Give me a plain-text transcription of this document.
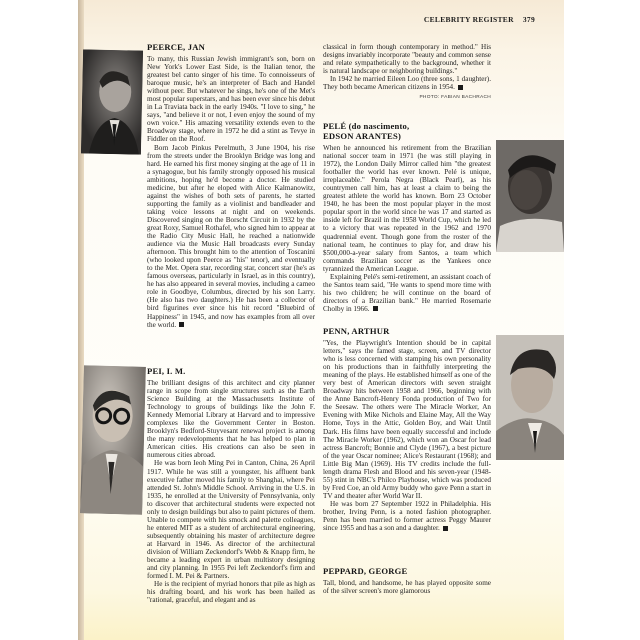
CELEBRITY REGISTER 379
PEERCE, JAN

To many, this Russian Jewish immigrant's son, born on New York's Lower East Side, is the Italian tenor, the greatest bel canto singer of his time. To connoisseurs of baroque music, he's an interpreter of Bach and Handel without peer. But whatever he sings, he's one of the Met's most popular superstars, and has been ever since his debut in La Traviata back in the early 1940s. "I love to sing," he says, "and believe it or not, I even enjoy the sound of my own voice." His amazing versatility extends even to the Broadway stage, where in 1972 he did a stint as Tevye in Fiddler on the Roof.

Born Jacob Pinkus Perelmuth, 3 June 1904, his rise from the streets under the Brooklyn Bridge was long and hard. He earned his first money singing at the age of 11 in a synagogue, but his family strongly opposed his musical ambitions, hoping he'd become a doctor. He studied medicine, but after he eloped with Alice Kalmanowitz, against the wishes of both sets of parents, he started supporting the family as a violinist and bandleader and taking voice lessons at night and on weekends. Discovered singing on the Borscht Circuit in 1932 by the great Roxy, Samuel Rothafel, who signed him to appear at the Radio City Music Hall, he reached a nationwide audience via the Music Hall broadcasts every Sunday afternoon. This brought him to the attention of Toscanini (who looked upon Peerce as "his" tenor), and eventually to the Met. Opera star, recording star, concert star (he's as famous overseas, particularly in Israel, as in this country), he has also appeared in several movies, including a cameo role in Goodbye, Columbus, directed by his son Larry. (He also has two daughters.) He has been a collector of bird figurines ever since his hit record "Bluebird of Happiness" in 1945, and now has examples from all over the world.

PEI, I. M.

The brilliant designs of this architect and city planner range in scope from single structures such as the Earth Science Building at the Massachusetts Institute of Technology to groups of buildings like the John F. Kennedy Memorial Library at Harvard and to impressive complexes like the Government Center in Boston. Brooklyn's Bedford-Stuyvesant renewal project is among the many redevelopments that he has helped to plan in American cities. His creations can also be seen in numerous cities abroad.

He was born Ieoh Ming Pei in Canton, China, 26 April 1917. While he was still a youngster, his affluent bank executive father moved his family to Shanghai, where Pei attended St. John's Middle School. Arriving in the U.S. in 1935, he enrolled at the University of Pennsylvania, only to discover that architectural students were expected not only to design buildings but also to paint pictures of them. Unable to compete with his smock and palette colleagues, he entered MIT as a student of architectural engineering, subsequently obtaining his master of architecture degree at Harvard in 1946. As director of the architectural division of William Zeckendorf's Webb & Knapp firm, he became a leading expert in urban multistory designing and city planning. In 1955 Pei left Zeckendorf's firm and formed I. M. Pei & Partners.

He is the recipient of myriad honors that pile as high as his drafting board, and his work has been hailed as "rational, graceful, and elegant and as

classical in form though contemporary in method." His designs invariably incorporate "beauty and common sense and relate sympathetically to the background, whether it is natural landscape or neighboring buildings."

In 1942 he married Eileen Loo (three sons, 1 daughter). They both became American citizens in 1954.

PHOTO: FABIAN BACHRACH
PELÉ (do nascimento,
EDSON ARANTES)

When he announced his retirement from the Brazilian national soccer team in 1971 (he was still playing in 1972), the London Daily Mirror called him "the greatest footballer the world has ever known. Pelé is unique, irreplaceable." Perola Negra (Black Pearl), as his countrymen call him, has at least a claim to being the greatest athlete the world has known. Born 23 October 1940, he has been the most popular player in the most popular sport in the world since he was 17 and started as inside left for Brazil in the 1958 World Cup, which he led to a victory that was repeated in the 1962 and 1970 quadrennial event. Though gone from the roster of the national team, he continues to play for, and draw his $500,000-a-year salary from Santos, a team which commands Brazilian soccer as the Yankees once tyrannized the American League.

Explaining Pelé's semi-retirement, an assistant coach of the Santos team said, "He wants to spend more time with his two children; he will continue on the board of directors of a Brazilian bank." He married Rosemarie Cholby in 1966.

PENN, ARTHUR

"Yes, the Playwright's Intention should be in capital letters," says the famed stage, screen, and TV director who is less concerned with stamping his own personality on his productions than in faithfully interpreting the meaning of the plays. He established himself as one of the very best of American directors with seven straight Broadway hits between 1958 and 1966, beginning with the Anne Bancroft-Henry Fonda production of Two for the Seesaw. The others were The Miracle Worker, An Evening with Mike Nichols and Elaine May, All the Way Home, Toys in the Attic, Golden Boy, and Wait Until Dark. His films have been equally successful and include The Miracle Worker (1962), which won an Oscar for lead actress Bancroft; Bonnie and Clyde (1967), a best picture of the year Oscar nominee; Alice's Restaurant (1968); and Little Big Man (1969). His TV credits include the full-length drama Flesh and Blood and his seven-year (1948-55) stint in NBC's Philco Playhouse, which was produced by Fred Coe, an old Army buddy who gave Penn a start in TV and theater after World War II.

He was born 27 September 1922 in Philadelphia. His brother, Irving Penn, is a noted fashion photographer. Penn has been married to former actress Peggy Maurer since 1955 and has a son and a daughter.

PEPPARD, GEORGE

Tall, blond, and handsome, he has played opposite some of the silver screen's more glamorous
